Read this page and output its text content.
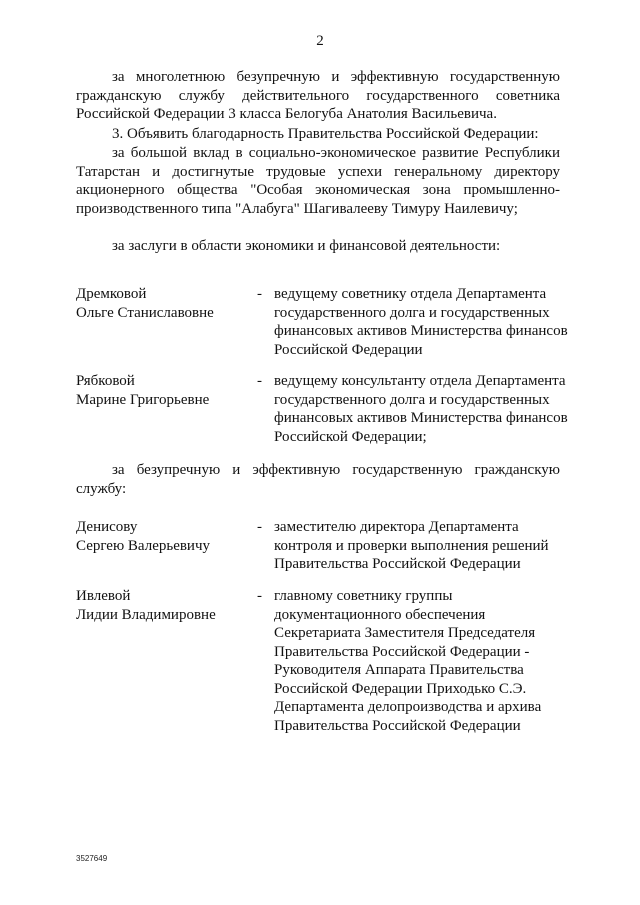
2

за многолетнюю безупречную и эффективную государственную гражданскую службу действительного государственного советника Российской Федерации 3 класса Белогуба Анатолия Васильевича.

3. Объявить благодарность Правительства Российской Федерации:

за большой вклад в социально-экономическое развитие Республики Татарстан и достигнутые трудовые успехи генеральному директору акционерного общества "Особая экономическая зона промышленно-производственного типа "Алабуга" Шагивалееву Тимуру Наилевичу;

за заслуги в области экономики и финансовой деятельности:

Дремковой
Ольге Станиславовне
- ведущему советнику отдела Департамента
государственного долга и государственных
финансовых активов Министерства финансов
Российской Федерации
Рябковой
Марине Григорьевне
- ведущему консультанту отдела Департамента
государственного долга и государственных
финансовых активов Министерства финансов
Российской Федерации;

за безупречную и эффективную государственную гражданскую службу:

Денисову
Сергею Валерьевичу
- заместителю директора Департамента
контроля и проверки выполнения решений
Правительства Российской Федерации
Ивлевой
Лидии Владимировне
- главному советнику группы
документационного обеспечения
Секретариата Заместителя Председателя
Правительства Российской Федерации -
Руководителя Аппарата Правительства
Российской Федерации Приходько С.Э.
Департамента делопроизводства и архива
Правительства Российской Федерации
3527649
